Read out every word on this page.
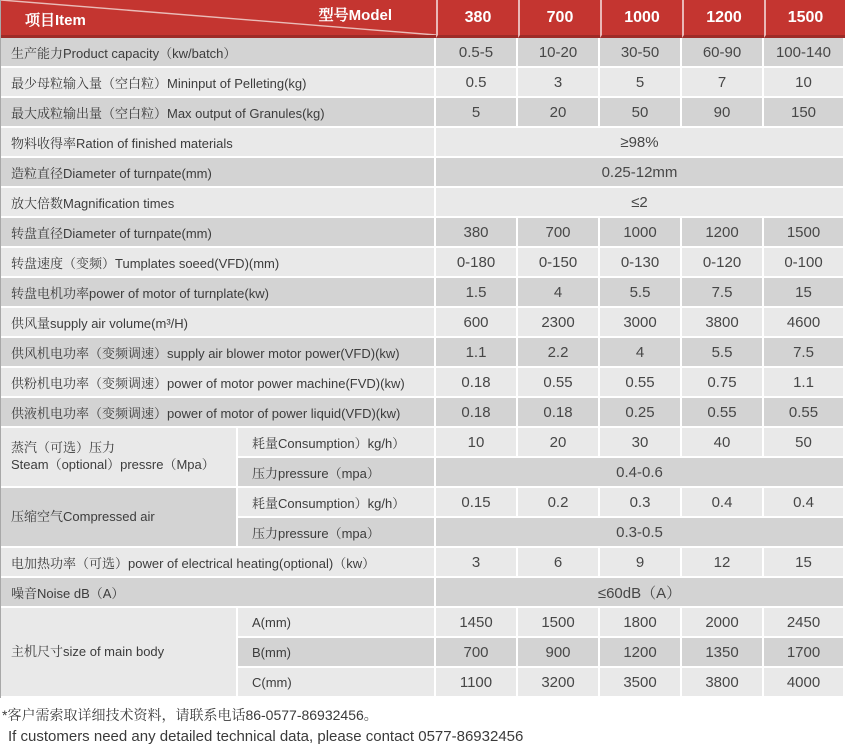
项目Item 型号Model		380	700	1000	1200	1500
生产能力Product capacity（kw/batch）		0.5-5	10-20	30-50	60-90	100-140
最少母粒输入量（空白粒）Mininput of Pelleting(kg)		0.5	3	5	7	10
最大成粒输出量（空白粒）Max output of Granules(kg)		5	20	50	90	150
物料收得率Ration of finished materials		≥98%				
造粒直径Diameter of turnpate(mm)		0.25-12mm				
放大倍数Magnification times		≤2				
转盘直径Diameter of turnpate(mm)		380	700	1000	1200	1500
转盘速度（变频）Tumplates soeed(VFD)(mm)		0-180	0-150	0-130	0-120	0-100
转盘电机功率power of motor of turnplate(kw)		1.5	4	5.5	7.5	15
供风量supply air volume(m³/H)		600	2300	3000	3800	4600
供风机电功率（变频调速）supply air blower motor power(VFD)(kw)		1.1	2.2	4	5.5	7.5
供粉机电功率（变频调速）power of motor power machine(FVD)(kw)		0.18	0.55	0.55	0.75	1.1
供液机电功率（变频调速）power of motor of power liquid(VFD)(kw)		0.18	0.18	0.25	0.55	0.55

蒸汽（可选）压力
Steam（optional）pressre（Mpa）	耗量Consumption）kg/h）	10	20	30	40	50
	压力pressure（mpa）	0.4-0.6				

压缩空气Compressed air	耗量Consumption）kg/h）	0.15	0.2	0.3	0.4	0.4
	压力pressure（mpa）	0.3-0.5				
电加热功率（可选）power of electrical heating(optional)（kw）		3	6	9	12	15
噪音Noise dB（A）		≤60dB（A）				

主机尺寸size of main body	A(mm)	1450	1500	1800	2000	2450
	B(mm)	700	900	1200	1350	1700
	C(mm)	1100	3200	3500	3800	4000
*客户需索取详细技术资料，请联系电话86-0577-86932456。
If customers need any detailed technical data, please contact 0577-86932456
